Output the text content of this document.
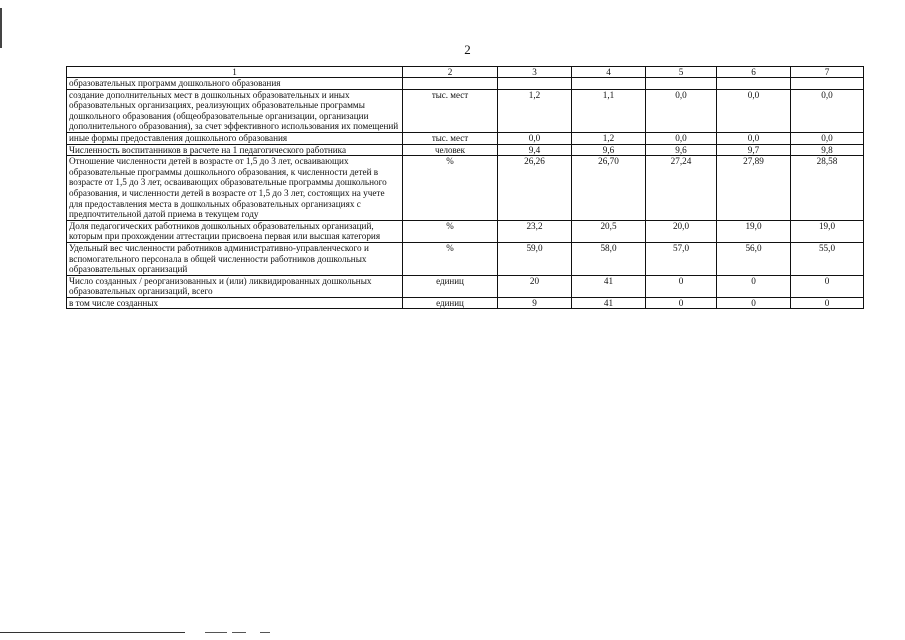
2
1	2	3	4	5	6	7
образовательных программ дошкольного образования						
создание дополнительных мест в дошкольных образовательных и иных образовательных организациях, реализующих образовательные программы дошкольного образования (общеобразовательные организации, организации дополнительного образования), за счет эффективного использования их помещений	тыс. мест	1,2	1,1	0,0	0,0	0,0
иные формы предоставления дошкольного образования	тыс. мест	0,0	1,2	0,0	0,0	0,0
Численность воспитанников в расчете на 1 педагогического работника	человек	9,4	9,6	9,6	9,7	9,8
Отношение численности детей в возрасте от 1,5 до 3 лет, осваивающих образовательные программы дошкольного образования, к численности детей в возрасте от 1,5 до 3 лет, осваивающих образовательные программы дошкольного образования, и численности детей в возрасте от 1,5 до 3 лет, состоящих на учете для предоставления места в дошкольных образовательных организациях с предпочтительной датой приема в текущем году	%	26,26	26,70	27,24	27,89	28,58
Доля педагогических работников дошкольных образовательных организаций, которым при прохождении аттестации присвоена первая или высшая категория	%	23,2	20,5	20,0	19,0	19,0
Удельный вес численности работников административно-управленческого и вспомогательного персонала в общей численности работников дошкольных образовательных организаций	%	59,0	58,0	57,0	56,0	55,0
Число созданных / реорганизованных и (или) ликвидированных дошкольных образовательных организаций, всего	единиц	20	41	0	0	0
в том числе созданных	единиц	9	41	0	0	0
